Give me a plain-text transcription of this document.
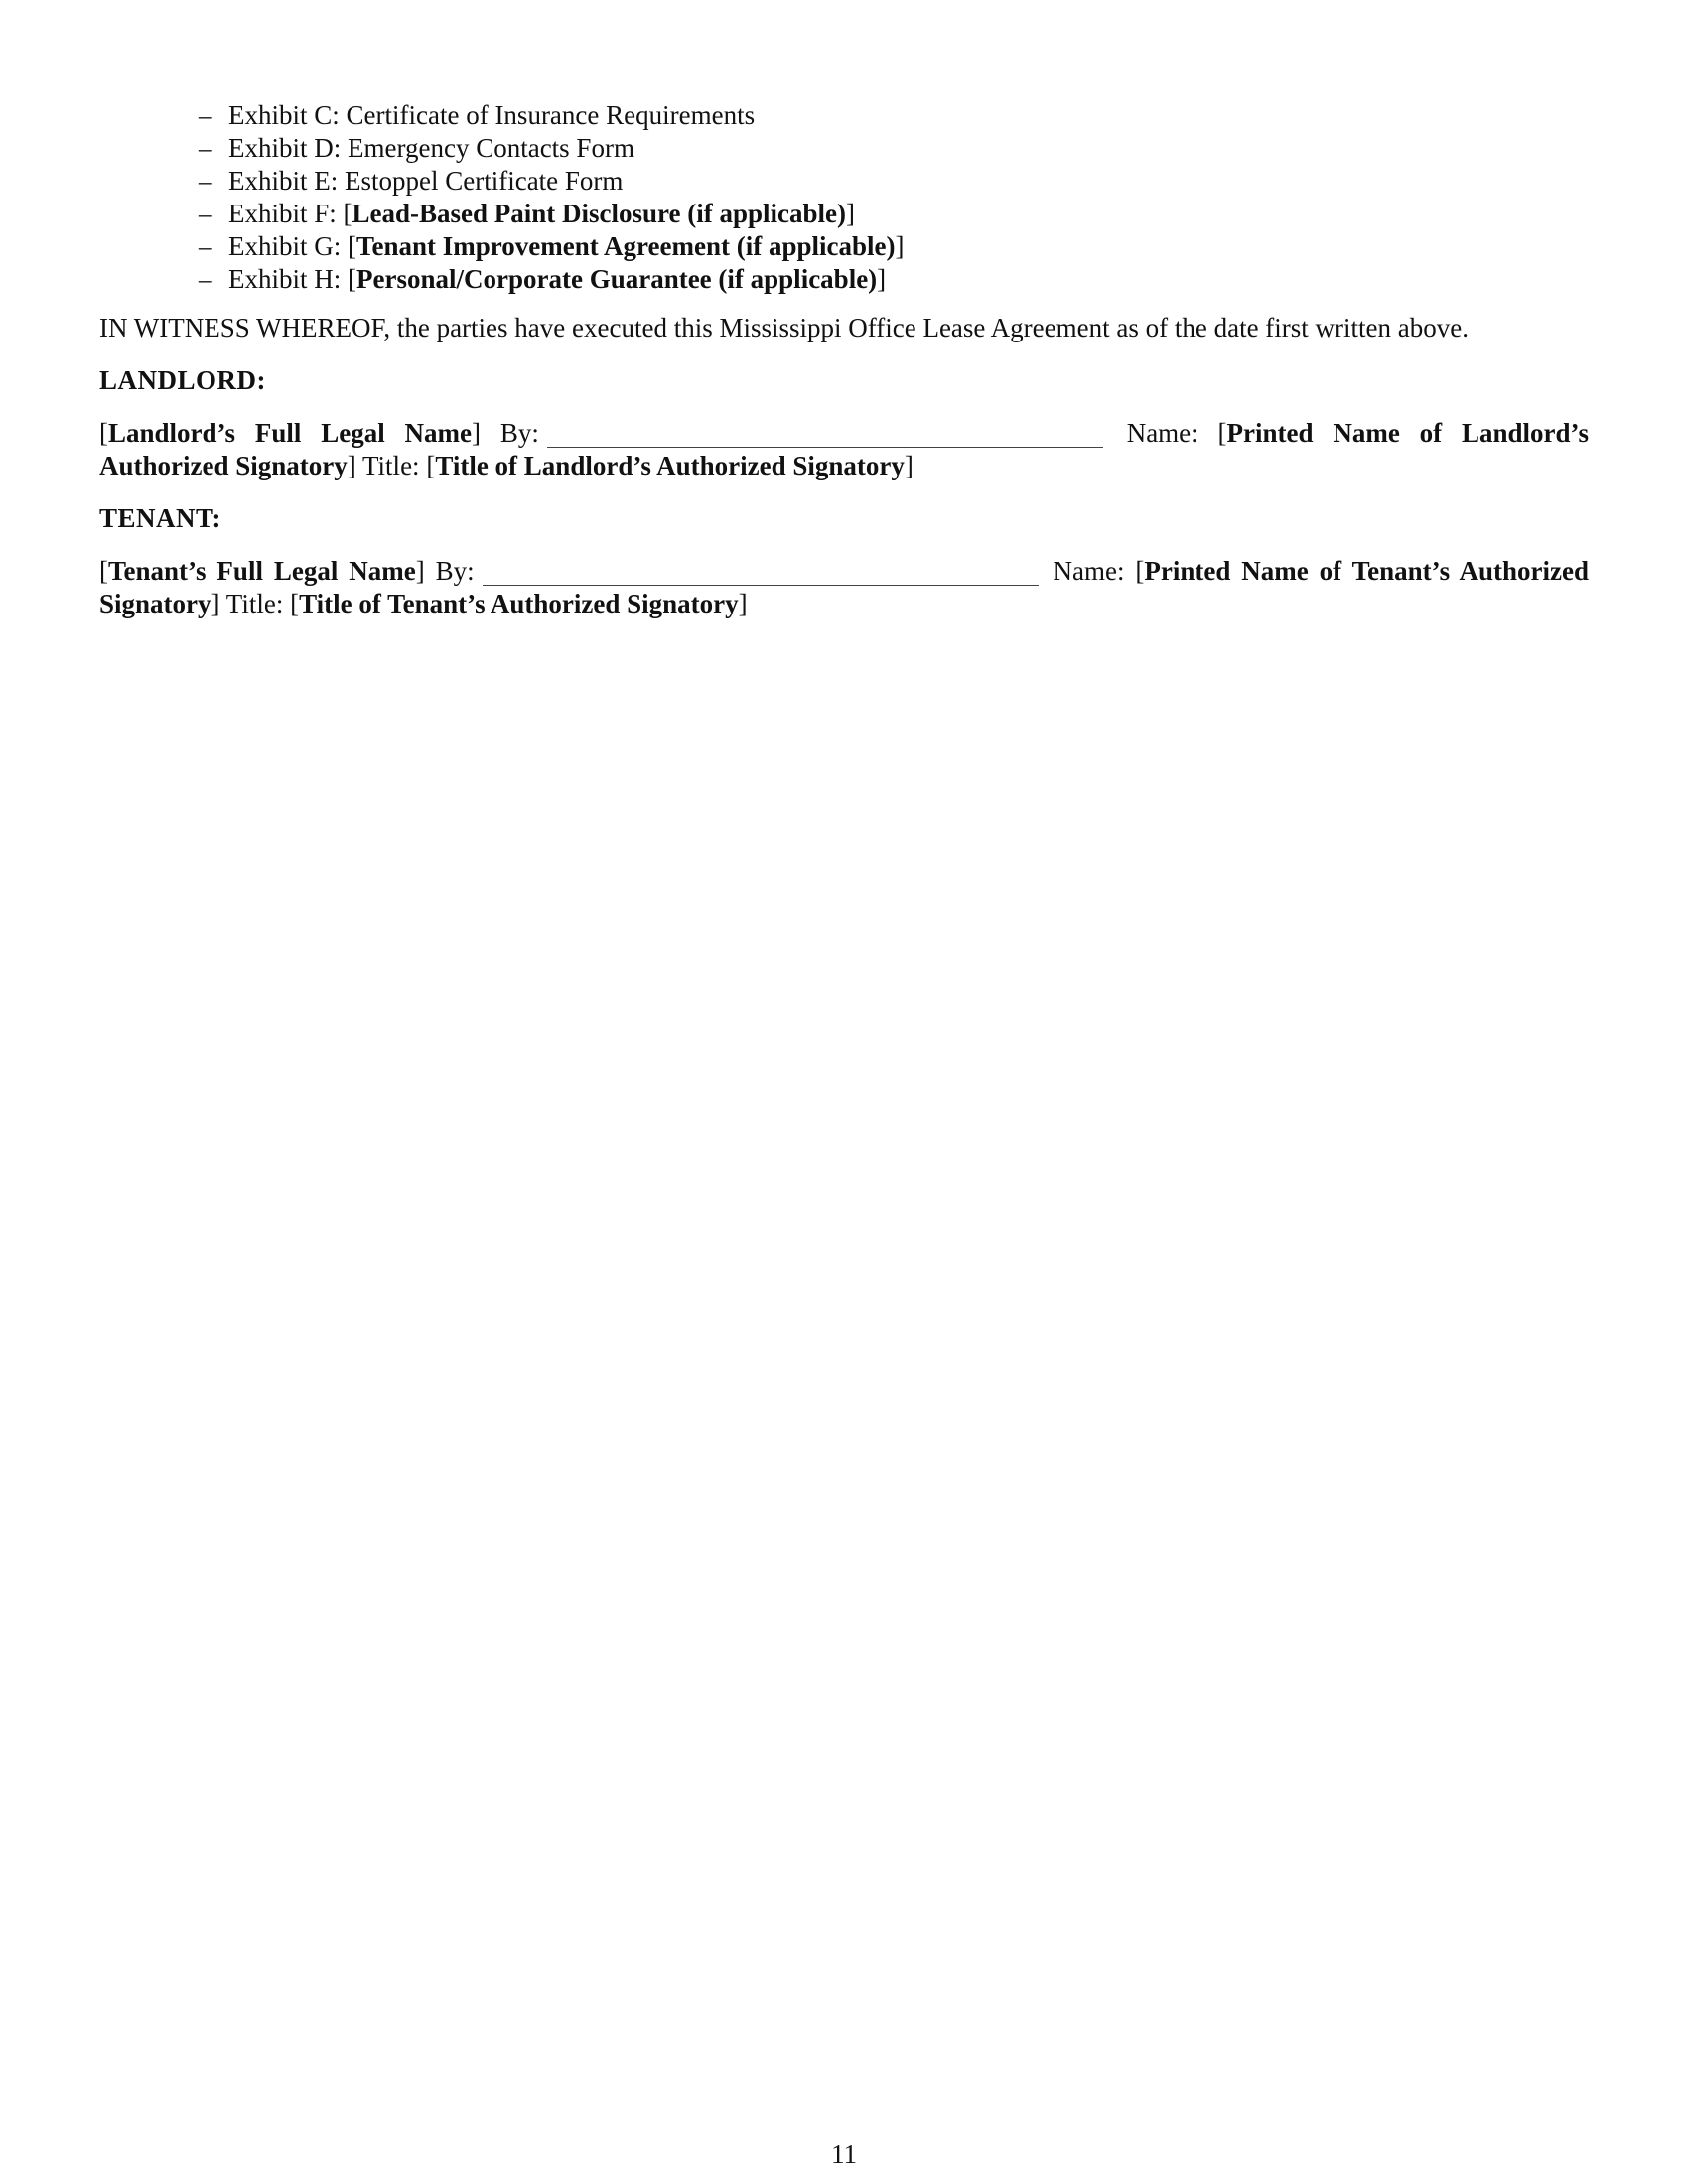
– Exhibit C: Certificate of Insurance Requirements
– Exhibit D: Emergency Contacts Form
– Exhibit E: Estoppel Certificate Form
– Exhibit F: [Lead-Based Paint Disclosure (if applicable)]
– Exhibit G: [Tenant Improvement Agreement (if applicable)]
– Exhibit H: [Personal/Corporate Guarantee (if applicable)]

IN WITNESS WHEREOF, the parties have executed this Mississippi Office Lease Agreement as of the date first written above.

LANDLORD:

[Landlord’s Full Legal Name] By:	Name: [Printed Name of Landlord’s Authorized Signatory] Title: [Title of Landlord’s Authorized Signatory]

TENANT:

[Tenant’s Full Legal Name] By:	Name: [Printed Name of Tenant’s Authorized Signatory] Title: [Title of Tenant’s Authorized Signatory]

11
